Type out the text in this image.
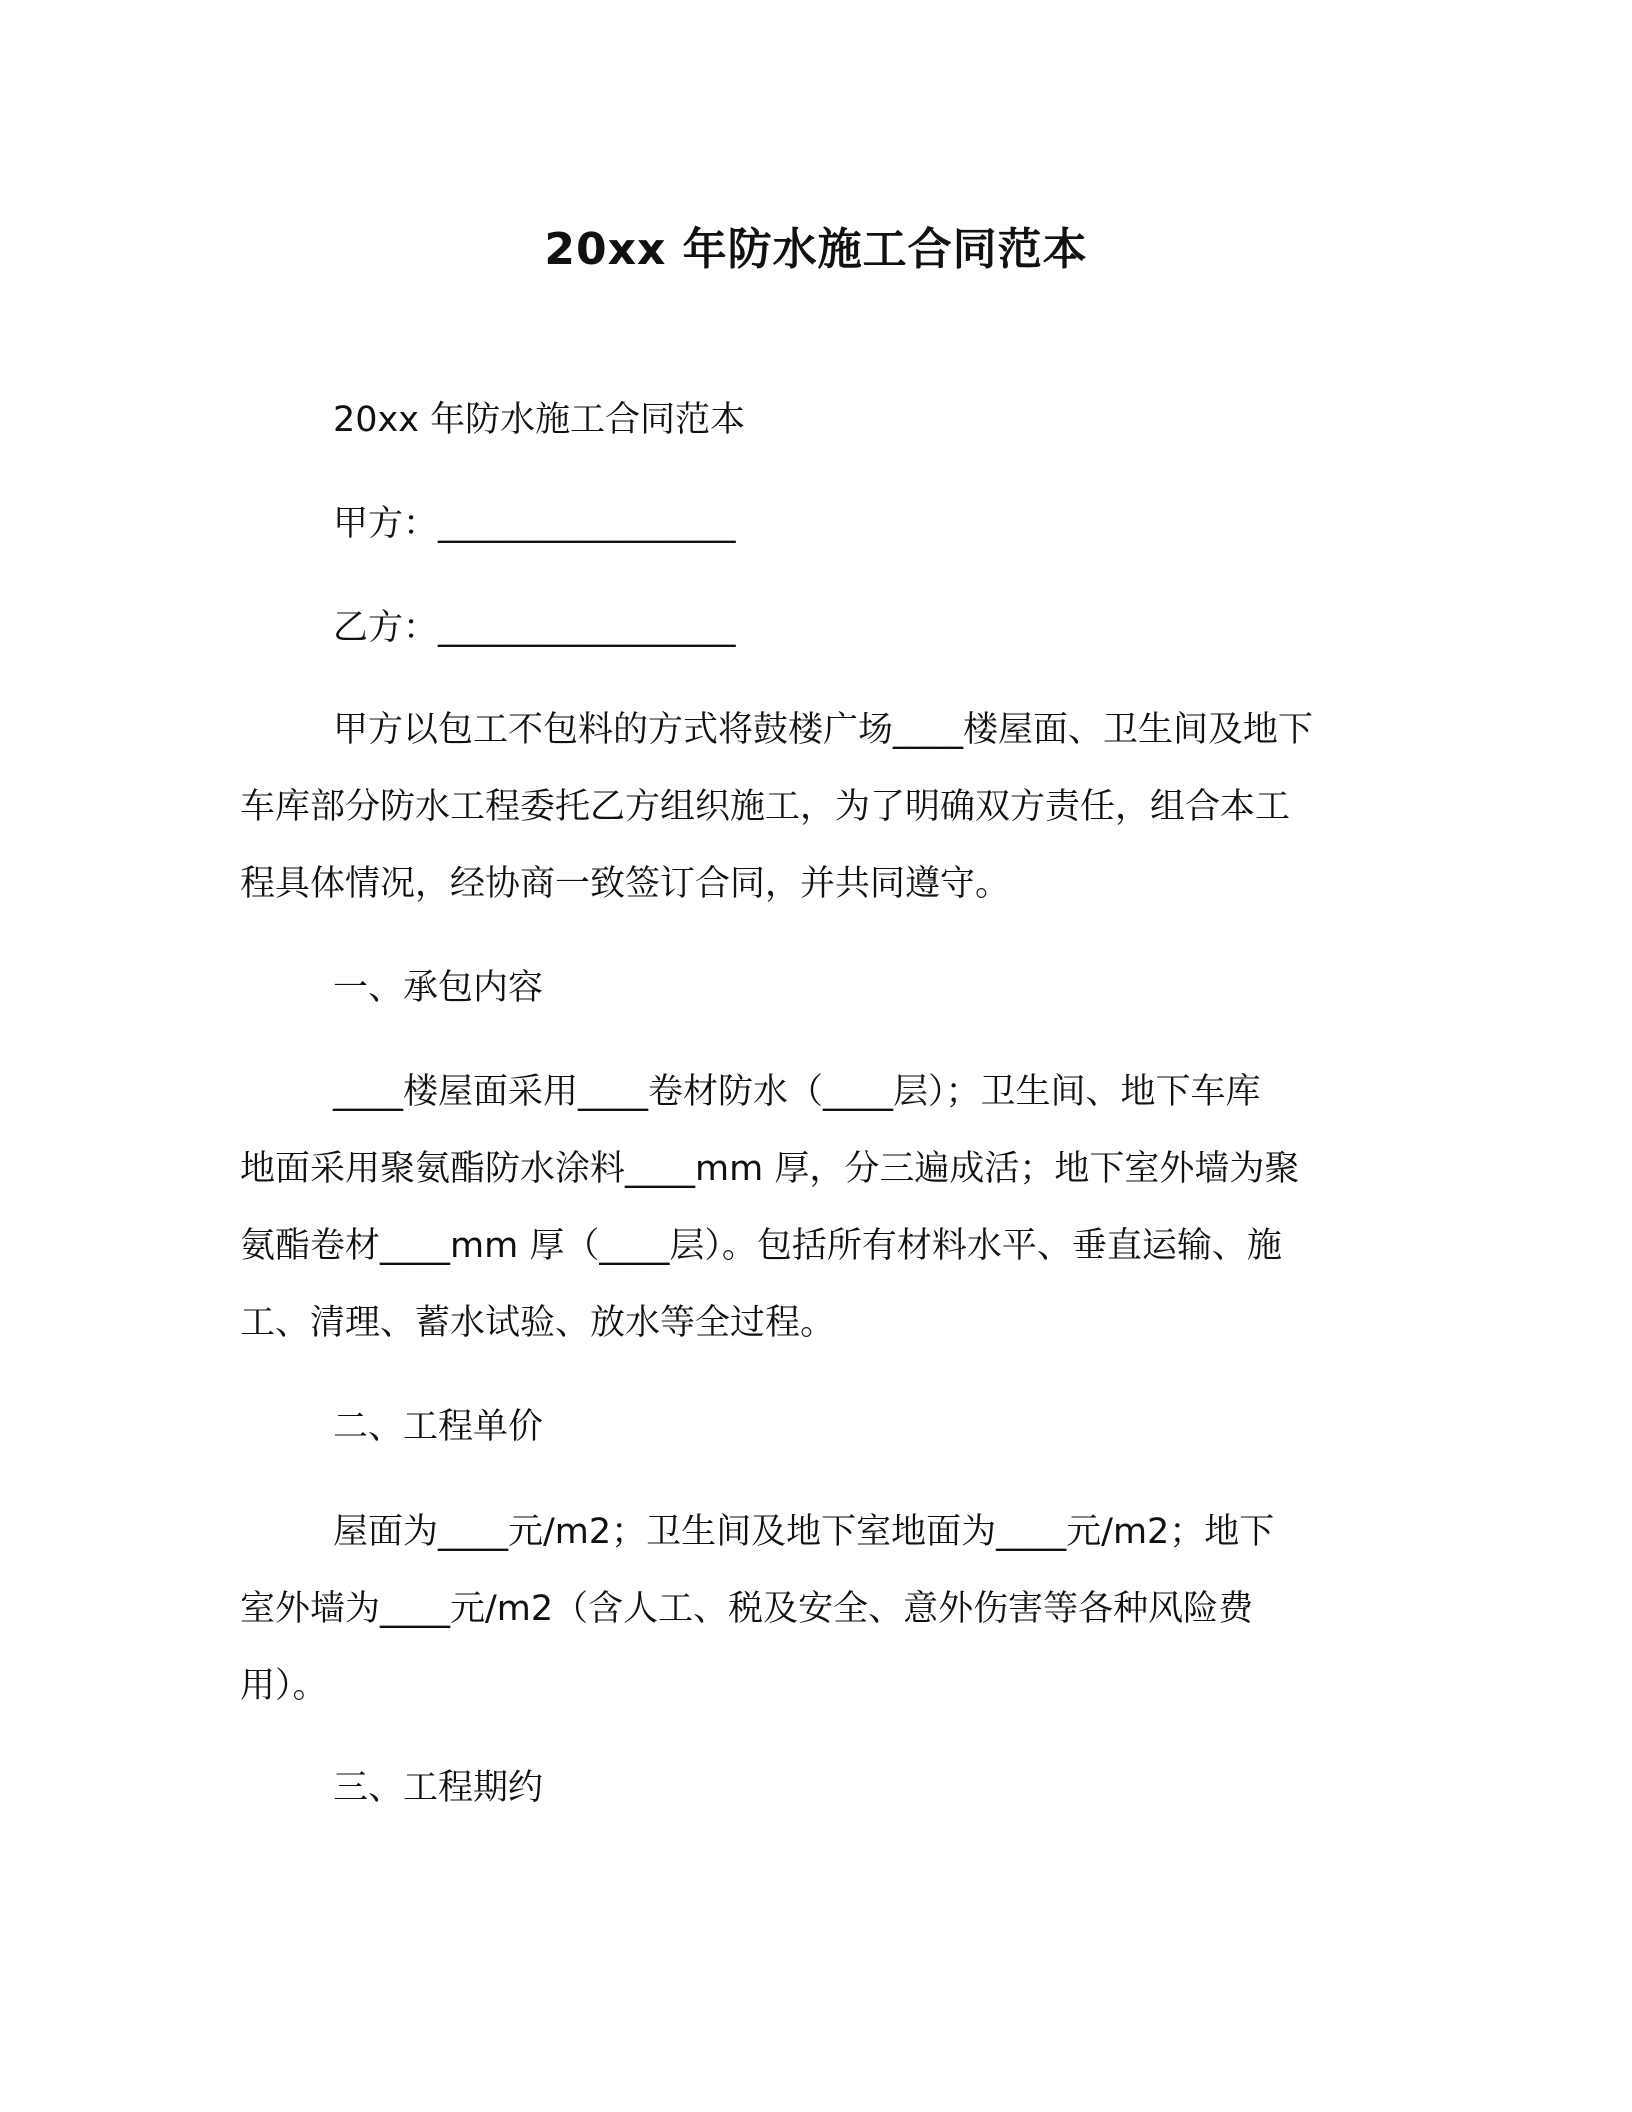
20xx 年防水施工合同范本
20xx 年防水施工合同范本
甲方：_________________
乙方：_________________

甲方以包工不包料的方式将鼓楼广场____楼屋面、卫生间及地下

车库部分防水工程委托乙方组织施工，为了明确双方责任，组合本工

程具体情况，经协商一致签订合同，并共同遵守。

一、承包内容

____楼屋面采用____卷材防水（____层）；卫生间、地下车库

地面采用聚氨酯防水涂料____mm 厚，分三遍成活；地下室外墙为聚

氨酯卷材____mm 厚（____层）。包括所有材料水平、垂直运输、施

工、清理、蓄水试验、放水等全过程。

二、工程单价

屋面为____元/m2；卫生间及地下室地面为____元/m2；地下

室外墙为____元/m2（含人工、税及安全、意外伤害等各种风险费

用）。

三、工程期约
